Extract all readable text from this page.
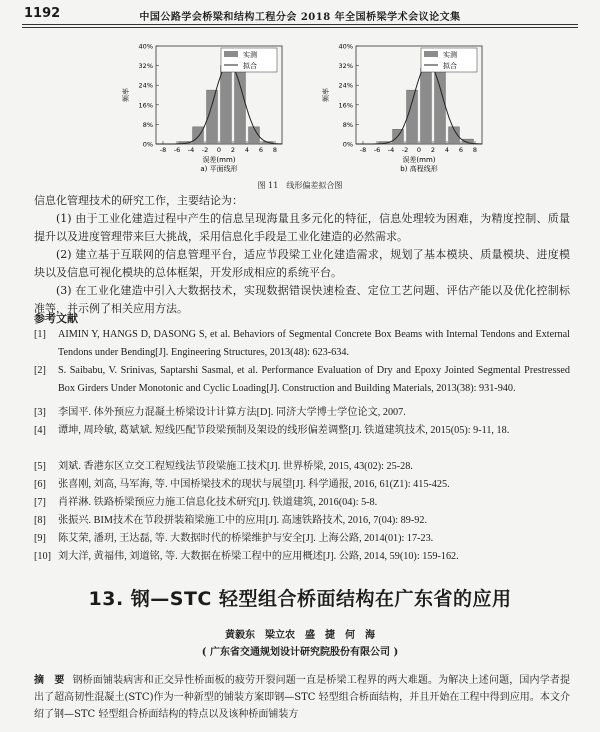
1192	中国公路学会桥梁和结构工程分会 2018 年全国桥梁学术会议论文集
0%
8%
16%
24%
32%
40%
-8 -6 -4 -2 0 2 4 6 8
实测
拟合
频率
误差(mm)
a) 平面线形
0%
8%
16%
24%
32%
40%
-8 -6 -4 -2 0 2 4 6 8
实测
拟合
频率
误差(mm)
b) 高程线形
图 11　线形偏差拟合图
信息化管理技术的研究工作，主要结论为：
(1) 由于工业化建造过程中产生的信息呈现海量且多元化的特征，信息处理较为困难，为精度控制、质量提升以及进度管理带来巨大挑战，采用信息化手段是工业化建造的必然需求。
(2) 建立基于互联网的信息管理平台，适应节段梁工业化建造需求，规划了基本模块、质量模块、进度模块以及信息可视化模块的总体框架，开发形成相应的系统平台。
(3) 在工业化建造中引入大数据技术，实现数据错误快速检查、定位工艺问题、评估产能以及优化控制标准等，并示例了相关应用方法。
参考文献
[1] AIMIN Y, HANGS D, DASONG S, et al. Behaviors of Segmental Concrete Box Beams with Internal Tendons and External Tendons under Bending[J]. Engineering Structures, 2013(48): 623-634.
[2] S. Saibabu, V. Srinivas, Saptarshi Sasmal, et al. Performance Evaluation of Dry and Epoxy Jointed Segmental Prestressed Box Girders Under Monotonic and Cyclic Loading[J]. Construction and Building Materials, 2013(38): 931-940.
[3] 李国平. 体外预应力混凝土桥梁设计计算方法[D]. 同济大学博士学位论文, 2007.
[4] 谭坤, 周玲敏, 葛斌斌. 短线匹配节段梁预制及架设的线形偏差调整[J]. 铁道建筑技术, 2015(05): 9-11, 18.
[5] 刘斌. 香港东区立交工程短线法节段梁施工技术[J]. 世界桥梁, 2015, 43(02): 25-28.
[6] 张喜刚, 刘高, 马军海, 等. 中国桥梁技术的现状与展望[J]. 科学通报, 2016, 61(Z1): 415-425.
[7] 肖祥淋. 铁路桥梁预应力施工信息化技术研究[J]. 铁道建筑, 2016(04): 5-8.
[8] 张振兴. BIM技术在节段拼装箱梁施工中的应用[J]. 高速铁路技术, 2016, 7(04): 89-92.
[9] 陈艾荣, 潘玥, 王达磊, 等. 大数据时代的桥梁维护与安全[J]. 上海公路, 2014(01): 17-23.
[10] 刘大洋, 黄福伟, 刘道铭, 等. 大数据在桥梁工程中的应用概述[J]. 公路, 2014, 59(10): 159-162.
13. 钢—STC 轻型组合桥面结构在广东省的应用
黄毅东　梁立农　盛　捷　何　海
( 广东省交通规划设计研究院股份有限公司 )
摘　要 钢桥面铺装病害和正交异性桥面板的疲劳开裂问题一直是桥梁工程界的两大难题。为解决上述问题，国内学者提出了超高韧性混凝土(STC)作为一种新型的铺装方案即钢—STC 轻型组合桥面结构，并且开始在工程中得到应用。本文介绍了钢—STC 轻型组合桥面结构的特点以及该种桥面铺装方
